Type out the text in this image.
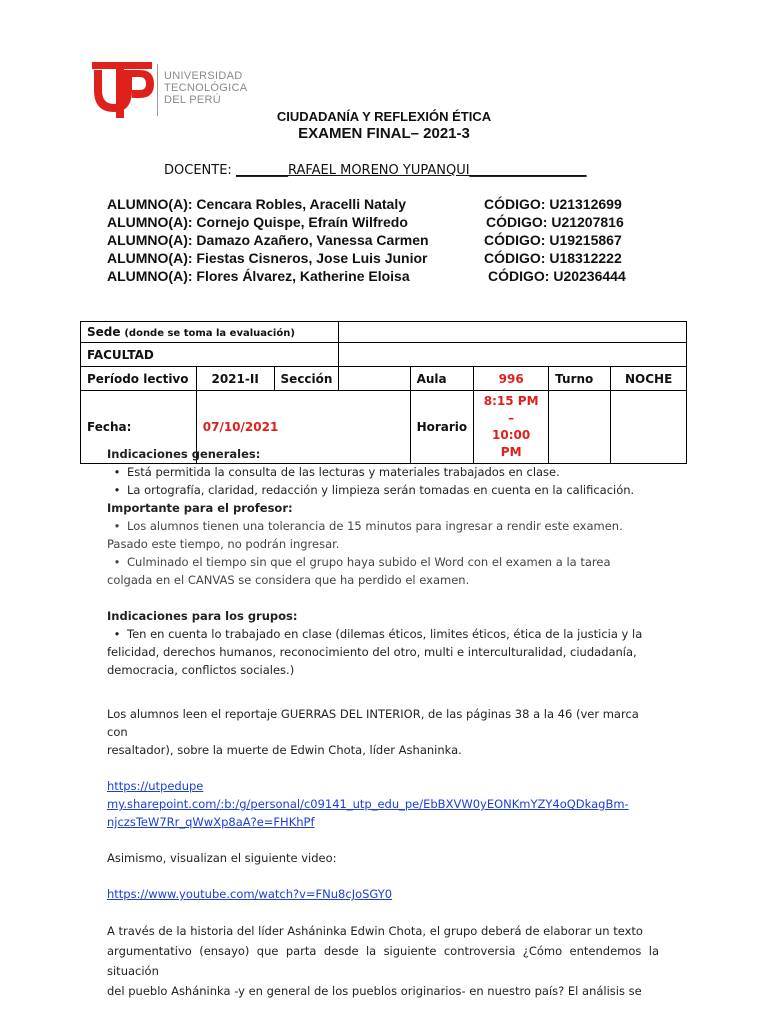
UNIVERSIDAD
TECNOLÓGICA
DEL PERÚ
CIUDADANÍA Y REFLEXIÓN ÉTICA
EXAMEN FINAL– 2021-3
DOCENTE: ________RAFAEL MORENO YUPANQUI__________________
ALUMNO(A): Cencara Robles, Aracelli Nataly	CÓDIGO: U21312699
ALUMNO(A): Cornejo Quispe, Efraín Wilfredo	CÓDIGO: U21207816
ALUMNO(A): Damazo Azañero, Vanessa Carmen	CÓDIGO: U19215867
ALUMNO(A): Fiestas Cisneros, Jose Luis Junior	CÓDIGO: U18312222
ALUMNO(A): Flores Álvarez, Katherine Eloisa	CÓDIGO: U20236444
Sede (donde se toma la evaluación)							
FACULTAD							
Período lectivo	2021-II	Sección		Aula	996	Turno	NOCHE
Fecha:	07/10/2021			Horario	8:15 PM –
10:00 PM		

Indicaciones generales:

• Está permitida la consulta de las lecturas y materiales trabajados en clase.

• La ortografía, claridad, redacción y limpieza serán tomadas en cuenta en la calificación.

Importante para el profesor:

• Los alumnos tienen una tolerancia de 15 minutos para ingresar a rendir este examen.

Pasado este tiempo, no podrán ingresar.

• Culminado el tiempo sin que el grupo haya subido el Word con el examen a la tarea

colgada en el CANVAS se considera que ha perdido el examen.

Indicaciones para los grupos:

• Ten en cuenta lo trabajado en clase (dilemas éticos, limites éticos, ética de la justicia y la

felicidad, derechos humanos, reconocimiento del otro, multi e interculturalidad, ciudadanía,

democracia, conflictos sociales.)

Los alumnos leen el reportaje GUERRAS DEL INTERIOR, de las páginas 38 a la 46 (ver marca con

resaltador), sobre la muerte de Edwin Chota, líder Ashaninka.

https://utpedupe

my.sharepoint.com/:b:/g/personal/c09141_utp_edu_pe/EbBXVW0yEONKmYZY4oQDkagBm-

njczsTeW7Rr_qWwXp8aA?e=FHKhPf

Asimismo, visualizan el siguiente video:

https://www.youtube.com/watch?v=FNu8cJoSGY0

A través de la historia del líder Asháninka Edwin Chota, el grupo deberá de elaborar un texto

argumentativo (ensayo) que parta desde la siguiente controversia ¿Cómo entendemos la situación

del pueblo Asháninka -y en general de los pueblos originarios- en nuestro país? El análisis se
